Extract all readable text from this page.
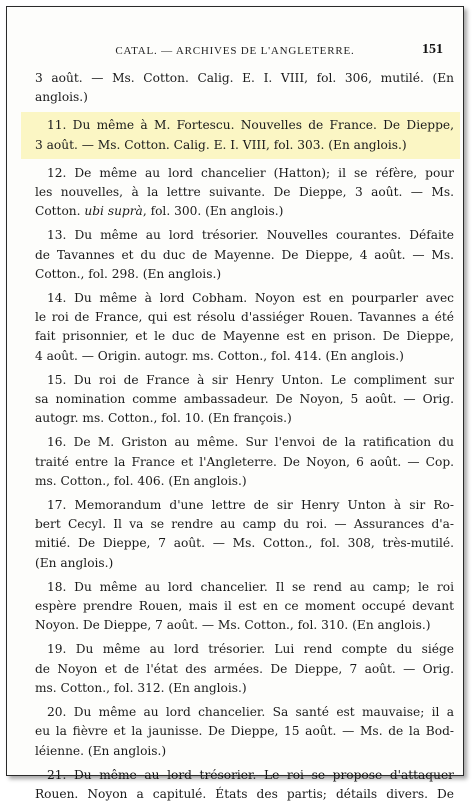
CATAL. — ARCHIVES DE L'ANGLETERRE.	151
3 août. — Ms. Cotton. Calig. E. I. VIII, fol. 306, mutilé. (En
anglois.)
11. Du même à M. Fortescu. Nouvelles de France. De Dieppe,
3 août. — Ms. Cotton. Calig. E. I. VIII, fol. 303. (En anglois.)
12. De même au lord chancelier (Hatton); il se réfère, pour
les nouvelles, à la lettre suivante. De Dieppe, 3 août. — Ms.
Cotton. ubi suprà, fol. 300. (En anglois.)
13. Du même au lord trésorier. Nouvelles courantes. Défaite
de Tavannes et du duc de Mayenne. De Dieppe, 4 août. — Ms.
Cotton., fol. 298. (En anglois.)
14. Du même à lord Cobham. Noyon est en pourparler avec
le roi de France, qui est résolu d'assiéger Rouen. Tavannes a été
fait prisonnier, et le duc de Mayenne est en prison. De Dieppe,
4 août. — Origin. autogr. ms. Cotton., fol. 414. (En anglois.)
15. Du roi de France à sir Henry Unton. Le compliment sur
sa nomination comme ambassadeur. De Noyon, 5 août. — Orig.
autogr. ms. Cotton., fol. 10. (En françois.)
16. De M. Griston au même. Sur l'envoi de la ratification du
traité entre la France et l'Angleterre. De Noyon, 6 août. — Cop.
ms. Cotton., fol. 406. (En anglois.)
17. Memorandum d'une lettre de sir Henry Unton à sir Ro-
bert Cecyl. Il va se rendre au camp du roi. — Assurances d'a-
mitié. De Dieppe, 7 août. — Ms. Cotton., fol. 308, très-mutilé.
(En anglois.)
18. Du même au lord chancelier. Il se rend au camp; le roi
espère prendre Rouen, mais il est en ce moment occupé devant
Noyon. De Dieppe, 7 août. — Ms. Cotton., fol. 310. (En anglois.)
19. Du même au lord trésorier. Lui rend compte du siége
de Noyon et de l'état des armées. De Dieppe, 7 août. — Orig.
ms. Cotton., fol. 312. (En anglois.)
20. Du même au lord chancelier. Sa santé est mauvaise; il a
eu la fièvre et la jaunisse. De Dieppe, 15 août. — Ms. de la Bod-
léienne. (En anglois.)
21. Du même au lord trésorier. Le roi se propose d'attaquer
Rouen. Noyon a capitulé. États des partis; détails divers. De
